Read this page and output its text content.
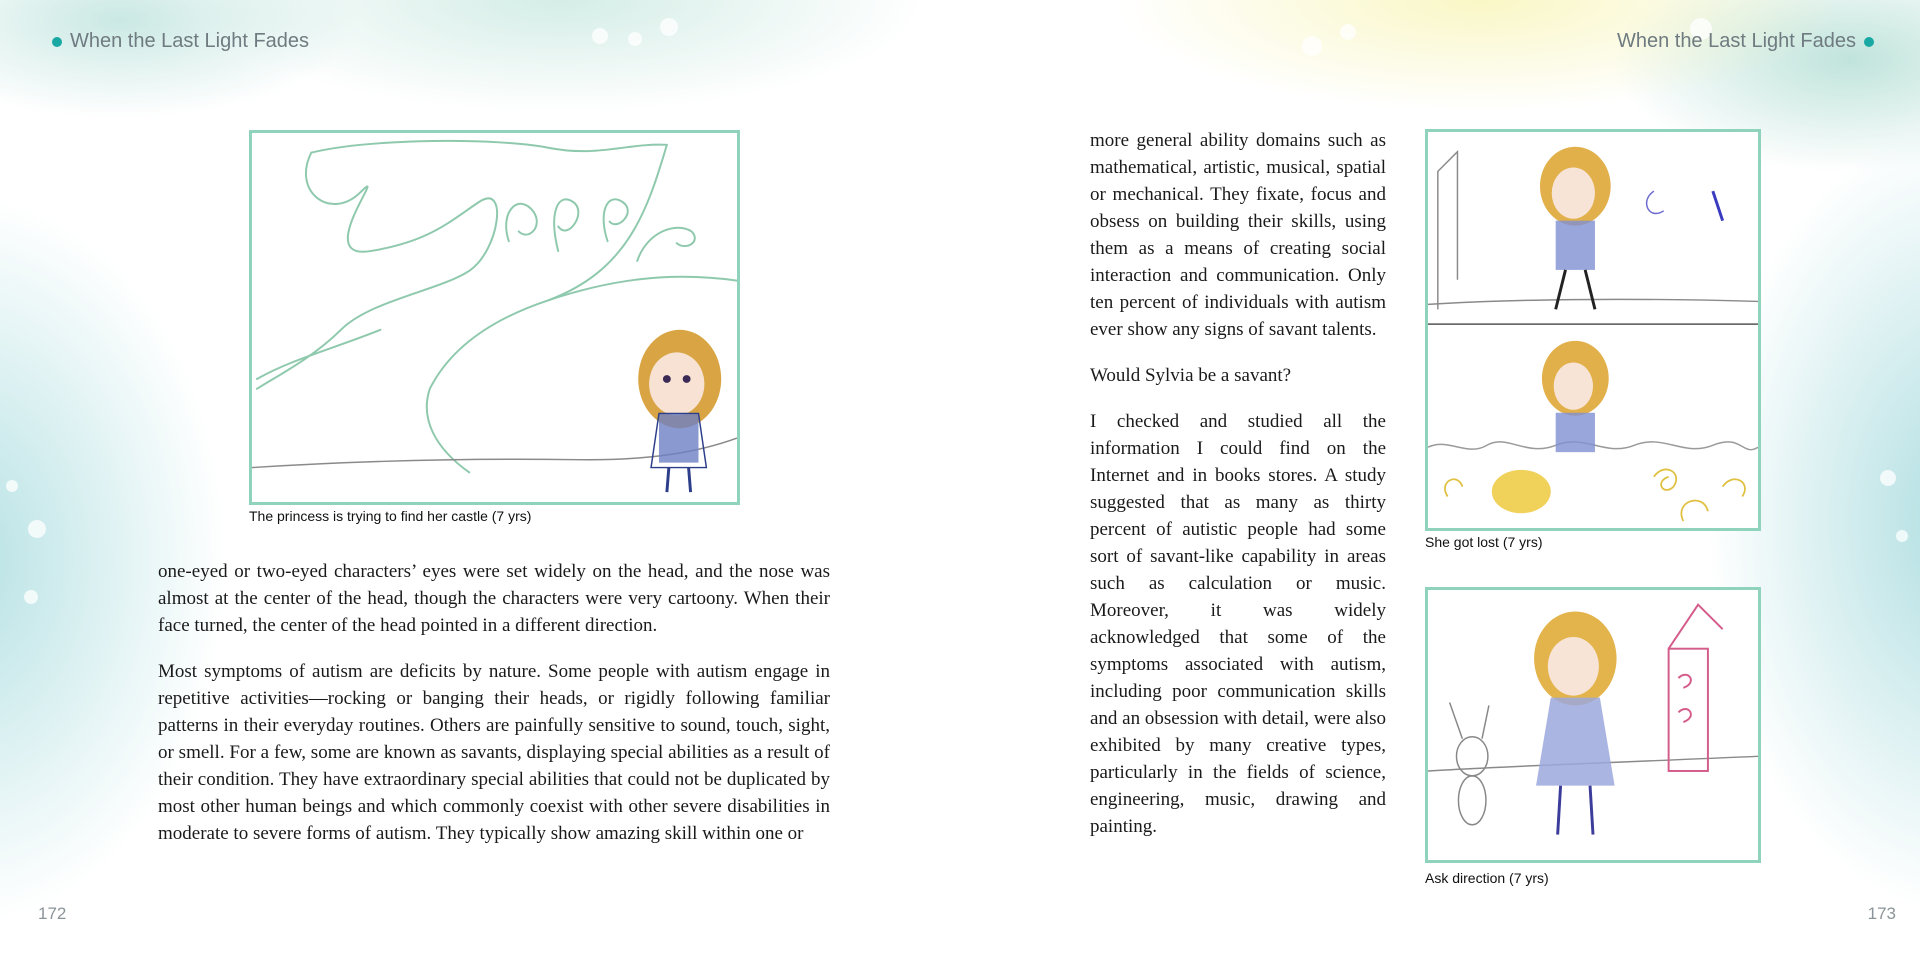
When the Last Light Fades	When the Last Light Fades
The princess is trying to find her castle (7 yrs)

one-eyed or two-eyed characters’ eyes were set widely on the head, and the nose was almost at the center of the head, though the characters were very cartoony. When their face turned, the center of the head pointed in a different direction.

Most symptoms of autism are deficits by nature. Some people with autism engage in repetitive activities—rocking or banging their heads, or rigidly following familiar patterns in their everyday routines. Others are painfully sensitive to sound, touch, sight, or smell. For a few, some are known as savants, displaying special abilities as a result of their condition. They have extraordinary special abilities that could not be duplicated by most other human beings and which commonly coexist with other severe disabilities in moderate to severe forms of autism. They typically show amazing skill within one or

more general ability domains such as mathematical, artistic, musical, spatial or mechanical. They fixate, focus and obsess on building their skills, using them as a means of creating social interaction and communication. Only ten percent of individuals with autism ever show any signs of savant talents.

Would Sylvia be a savant?

I checked and studied all the information I could find on the Internet and in books stores. A study suggested that as many as thirty percent of autistic people had some sort of savant-like capability in areas such as calculation or music. Moreover, it was widely acknowledged that some of the symptoms associated with autism, including poor communication skills and an obsession with detail, were also exhibited by many creative types, particularly in the fields of science, engineering, music, drawing and painting.

She got lost (7 yrs)
Ask direction (7 yrs)
172	173
